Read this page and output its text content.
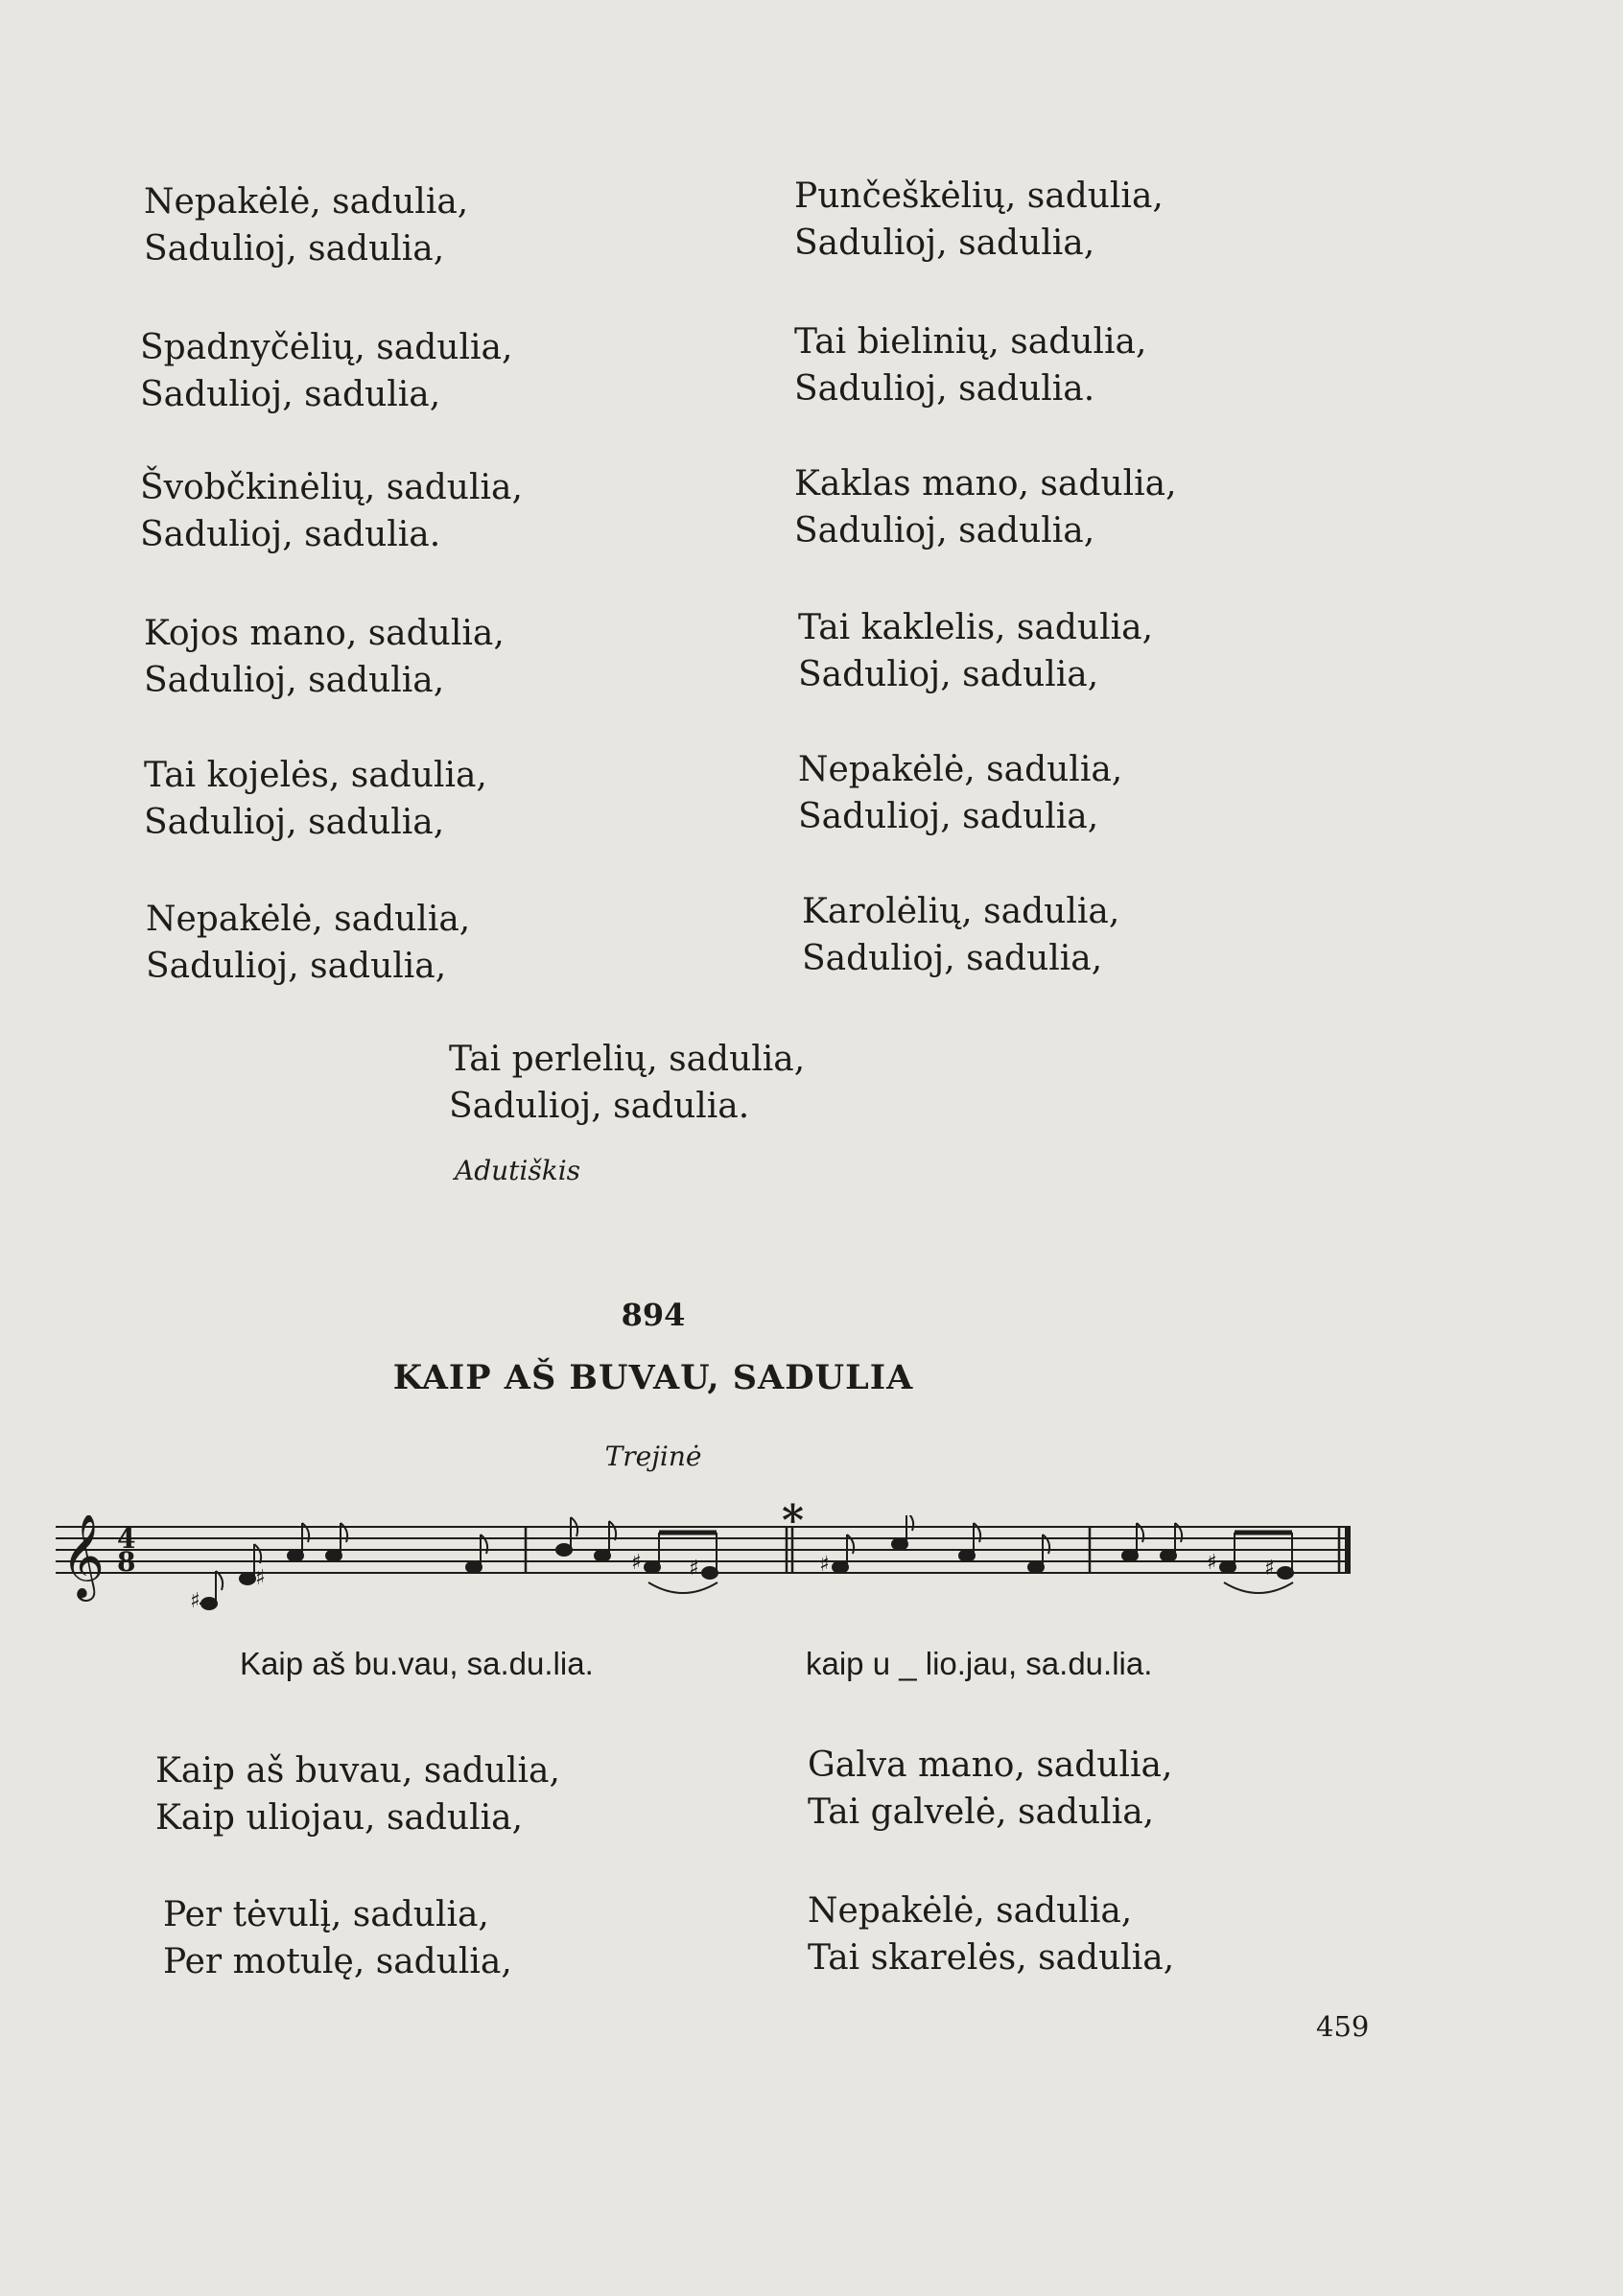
Nepakėlė, sadulia,
Sadulioj, sadulia,
Spadnyčėlių, sadulia,
Sadulioj, sadulia,
Švobčkinėlių, sadulia,
Sadulioj, sadulia.
Kojos mano, sadulia,
Sadulioj, sadulia,
Tai kojelės, sadulia,
Sadulioj, sadulia,
Nepakėlė, sadulia,
Sadulioj, sadulia,
Punčeškėlių, sadulia,
Sadulioj, sadulia,
Tai bielinių, sadulia,
Sadulioj, sadulia.
Kaklas mano, sadulia,
Sadulioj, sadulia,
Tai kaklelis, sadulia,
Sadulioj, sadulia,
Nepakėlė, sadulia,
Sadulioj, sadulia,
Karolėlių, sadulia,
Sadulioj, sadulia,
Tai perlelių, sadulia,
Sadulioj, sadulia.
Adutiškis
894
KAIP AŠ BUVAU, SADULIA
Trejinė
*
𝄞 4
8
♯
♯
♯ ♯	♯	♯ ♯
Kaip aš bu.vau, sa.du.lia.	kaip u _ lio.jau, sa.du.lia.
Kaip aš buvau, sadulia,
Kaip uliojau, sadulia,
Per tėvulį, sadulia,
Per motulę, sadulia,
Galva mano, sadulia,
Tai galvelė, sadulia,
Nepakėlė, sadulia,
Tai skarelės, sadulia,
459
